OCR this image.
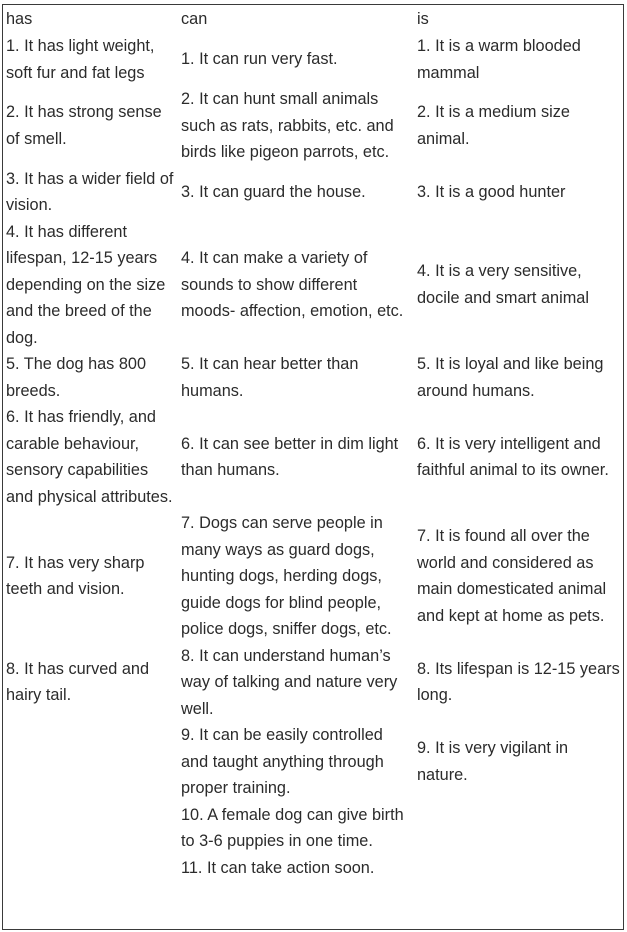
has	can	is
1. It has light weight, soft fur and fat legs	1. It can run very fast.	1. It is a warm blooded mammal
2. It has strong sense of smell.	2. It can hunt small animals such as rats, rabbits, etc. and birds like pigeon parrots, etc.	2. It is a medium size animal.
3. It has a wider field of vision.	3. It can guard the house.	3. It is a good hunter
4. It has different lifespan, 12-15 years depending on the size and the breed of the dog.	4. It can make a variety of sounds to show different moods- affection, emotion, etc.	4. It is a very sensitive, docile and smart animal
5. The dog has 800 breeds.	5. It can hear better than humans.	5. It is loyal and like being around humans.
6. It has friendly, and carable behaviour, sensory capabilities and physical attributes.	6. It can see better in dim light than humans.	6. It is very intelligent and faithful animal to its owner.
7. It has very sharp teeth and vision.	7. Dogs can serve people in many ways as guard dogs, hunting dogs, herding dogs, guide dogs for blind people, police dogs, sniffer dogs, etc.	7. It is found all over the world and considered as main domesticated animal and kept at home as pets.
8. It has curved and hairy tail.	8. It can understand human’s way of talking and nature very well.	8. Its lifespan is 12-15 years long.
	9. It can be easily controlled and taught anything through proper training.	9. It is very vigilant in nature.
	10. A female dog can give birth to 3-6 puppies in one time.	
	11. It can take action soon.	
